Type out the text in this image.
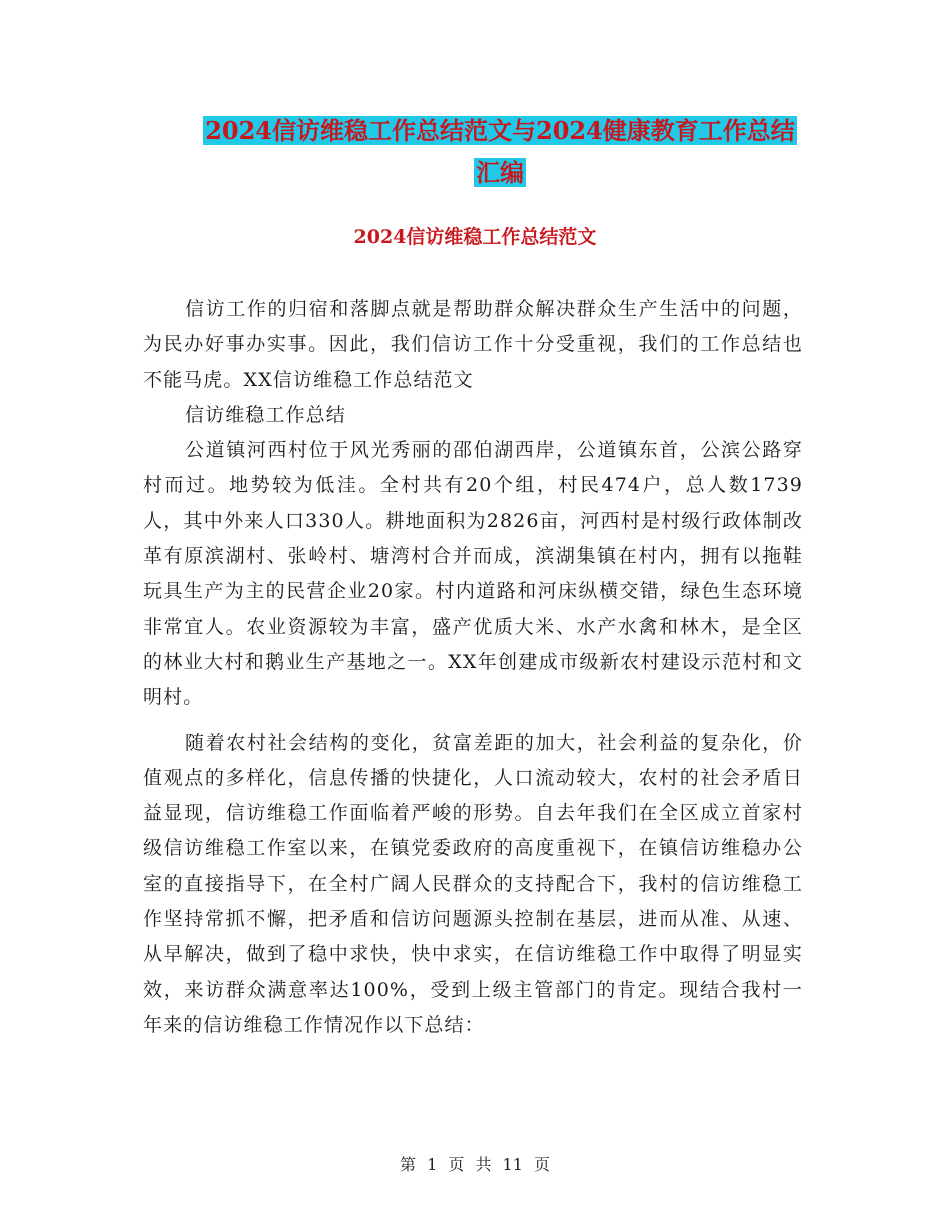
2024信访维稳工作总结范文与2024健康教育工作总结
汇编
2024信访维稳工作总结范文

信访工作的归宿和落脚点就是帮助群众解决群众生产生活中的问题，为民办好事办实事。因此，我们信访工作十分受重视，我们的工作总结也不能马虎。XX信访维稳工作总结范文

信访维稳工作总结

公道镇河西村位于风光秀丽的邵伯湖西岸，公道镇东首，公滨公路穿村而过。地势较为低洼。全村共有20个组，村民474户，总人数1739人，其中外来人口330人。耕地面积为2826亩，河西村是村级行政体制改革有原滨湖村、张岭村、塘湾村合并而成，滨湖集镇在村内，拥有以拖鞋玩具生产为主的民营企业20家。村内道路和河床纵横交错，绿色生态环境非常宜人。农业资源较为丰富，盛产优质大米、水产水禽和林木，是全区的林业大村和鹅业生产基地之一。XX年创建成市级新农村建设示范村和文明村。

随着农村社会结构的变化，贫富差距的加大，社会利益的复杂化，价值观点的多样化，信息传播的快捷化，人口流动较大，农村的社会矛盾日益显现，信访维稳工作面临着严峻的形势。自去年我们在全区成立首家村级信访维稳工作室以来，在镇党委政府的高度重视下，在镇信访维稳办公室的直接指导下，在全村广阔人民群众的支持配合下，我村的信访维稳工作坚持常抓不懈，把矛盾和信访问题源头控制在基层，进而从准、从速、从早解决，做到了稳中求快，快中求实，在信访维稳工作中取得了明显实效，来访群众满意率达100%，受到上级主管部门的肯定。现结合我村一年来的信访维稳工作情况作以下总结：

第 1 页 共 11 页
